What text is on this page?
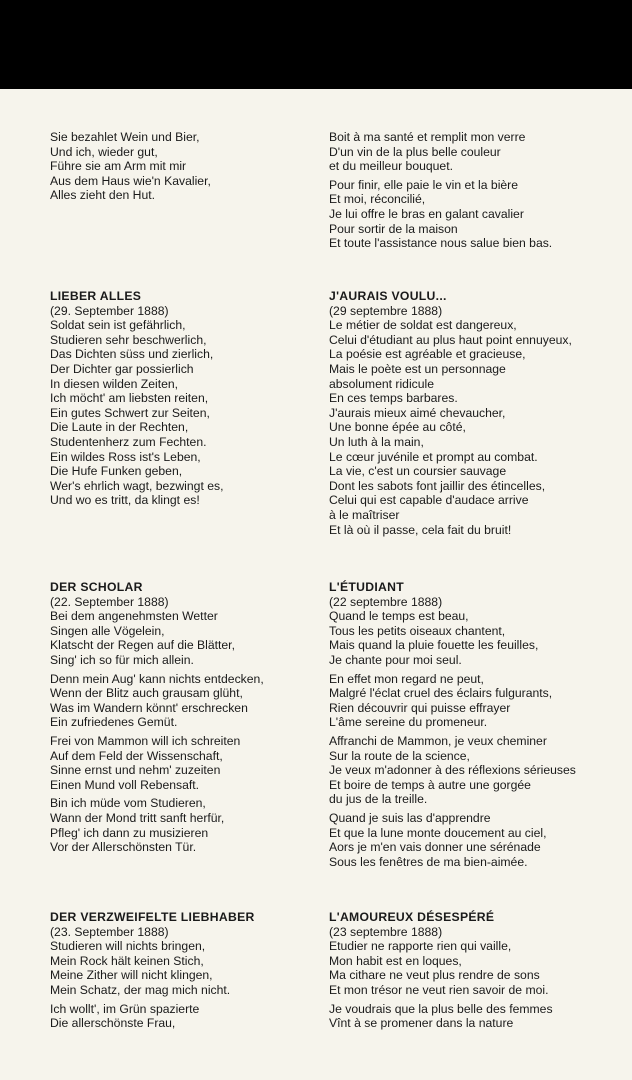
Sie bezahlet Wein und Bier,
Und ich, wieder gut,
Führe sie am Arm mit mir
Aus dem Haus wie'n Kavalier,
Alles zieht den Hut.
Boit à ma santé et remplit mon verre
D'un vin de la plus belle couleur
et du meilleur bouquet.
Pour finir, elle paie le vin et la bière
Et moi, réconcilié,
Je lui offre le bras en galant cavalier
Pour sortir de la maison
Et toute l'assistance nous salue bien bas.
LIEBER ALLES
(29. September 1888)
Soldat sein ist gefährlich,
Studieren sehr beschwerlich,
Das Dichten süss und zierlich,
Der Dichter gar possierlich
In diesen wilden Zeiten,
Ich möcht' am liebsten reiten,
Ein gutes Schwert zur Seiten,
Die Laute in der Rechten,
Studentenherz zum Fechten.
Ein wildes Ross ist's Leben,
Die Hufe Funken geben,
Wer's ehrlich wagt, bezwingt es,
Und wo es tritt, da klingt es!
J'AURAIS VOULU...
(29 septembre 1888)
Le métier de soldat est dangereux,
Celui d'étudiant au plus haut point ennuyeux,
La poésie est agréable et gracieuse,
Mais le poète est un personnage
absolument ridicule
En ces temps barbares.
J'aurais mieux aimé chevaucher,
Une bonne épée au côté,
Un luth à la main,
Le cœur juvénile et prompt au combat.
La vie, c'est un coursier sauvage
Dont les sabots font jaillir des étincelles,
Celui qui est capable d'audace arrive
à le maîtriser
Et là où il passe, cela fait du bruit!
DER SCHOLAR
(22. September 1888)
Bei dem angenehmsten Wetter
Singen alle Vögelein,
Klatscht der Regen auf die Blätter,
Sing' ich so für mich allein.
Denn mein Aug' kann nichts entdecken,
Wenn der Blitz auch grausam glüht,
Was im Wandern könnt' erschrecken
Ein zufriedenes Gemüt.
Frei von Mammon will ich schreiten
Auf dem Feld der Wissenschaft,
Sinne ernst und nehm' zuzeiten
Einen Mund voll Rebensaft.
Bin ich müde vom Studieren,
Wann der Mond tritt sanft herfür,
Pfleg' ich dann zu musizieren
Vor der Allerschönsten Tür.
L'ÉTUDIANT
(22 septembre 1888)
Quand le temps est beau,
Tous les petits oiseaux chantent,
Mais quand la pluie fouette les feuilles,
Je chante pour moi seul.
En effet mon regard ne peut,
Malgré l'éclat cruel des éclairs fulgurants,
Rien découvrir qui puisse effrayer
L'âme sereine du promeneur.
Affranchi de Mammon, je veux cheminer
Sur la route de la science,
Je veux m'adonner à des réflexions sérieuses
Et boire de temps à autre une gorgée
du jus de la treille.
Quand je suis las d'apprendre
Et que la lune monte doucement au ciel,
Aors je m'en vais donner une sérénade
Sous les fenêtres de ma bien-aimée.
DER VERZWEIFELTE LIEBHABER
(23. September 1888)
Studieren will nichts bringen,
Mein Rock hält keinen Stich,
Meine Zither will nicht klingen,
Mein Schatz, der mag mich nicht.
Ich wollt', im Grün spazierte
Die allerschönste Frau,
L'AMOUREUX DÉSESPÉRÉ
(23 septembre 1888)
Etudier ne rapporte rien qui vaille,
Mon habit est en loques,
Ma cithare ne veut plus rendre de sons
Et mon trésor ne veut rien savoir de moi.
Je voudrais que la plus belle des femmes
Vînt à se promener dans la nature
